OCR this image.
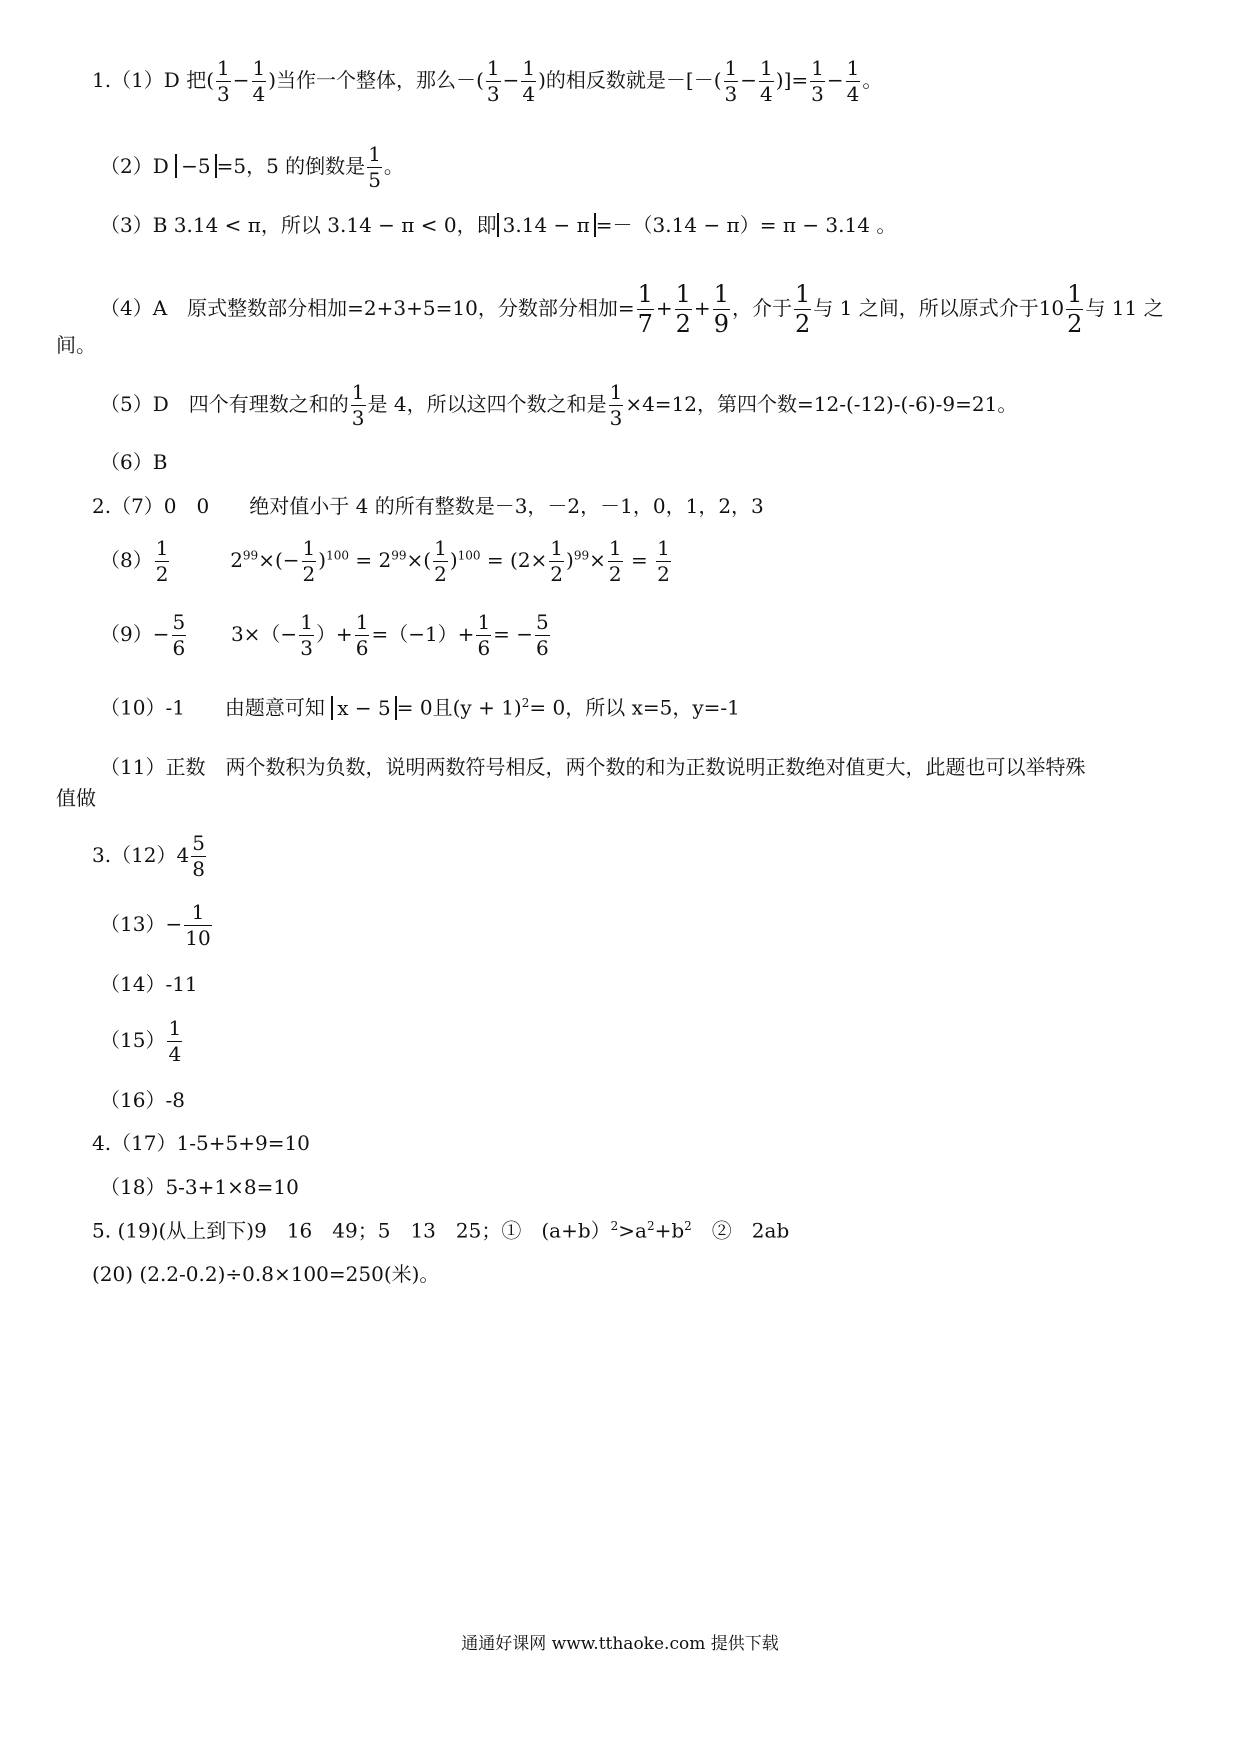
1.（1）D 把( $\frac{1}{3} - \frac{1}{4}$ )当作一个整体，那么－( $\frac{1}{3} - \frac{1}{4}$ )的相反数就是－[－( $\frac{1}{3} - \frac{1}{4}$ )]= $\frac{1}{3} - \frac{1}{4}$ 。
（2）D −5 =5，5 的倒数是 $\frac{1}{5}$ 。
（3）B 3.14 < π，所以 3.14 − π < 0，即 3.14 − π =－（3.14 − π）= π − 3.14 。
（4）A　 原式整数部分相加=2+3+5=10，分数部分相加= $\frac{1}{7} + \frac{1}{2} + \frac{1}{9}$ ，介于 $\frac{1}{2}$ 与 1 之间，所以原式介于$10 \frac{1}{2}$ 与 11 之
间。
（5）D　 四个有理数之和的 $\frac{1}{3}$ 是 4，所以这四个数之和是 $\frac{1}{3} \times 4=12$，第四个数=12-(-12)-(-6)-9=21。
（6）B
2.（7）0　0　　绝对值小于 4 的所有整数是－3，－2，－1，0，1，2，3
$(8) \frac{1}{2}$	$2^{99}\times(- \frac{1}{2} )^{100} = 2^{99}\times( \frac{1}{2} )^{100} = (2\times \frac{1}{2} )^{99}\times \frac{1}{2} = \frac{1}{2}$
$(9)- \frac{5}{6} 3\times(- \frac{1}{3}$ ）+ $\frac{1}{6} =(-1)+ \frac{1}{6}$ = − $\frac{5}{6}$
（10）-1　　由题意可知 x − 5 = 0且$(y + 1)^2= 0$，所以 x=5，y=-1
（11）正数　两个数积为负数，说明两数符号相反，两个数的和为正数说明正数绝对值更大，此题也可以举特殊
值做
$3.(12)4 \frac{5}{8}$
$(13)- \frac{1}{10}$
（14）-11
$(15) \frac{1}{4}$
（16）-8
4.（17）1-5+5+9=10
（18）5-3+1×8=10
5. (19)(从上到下)9　16　49；5　13　25；①　$(a+b)^2>a^2+b^2$　②　2ab
(20) (2.2-0.2)÷0.8×100=250(米)。
通通好课网 www.tthaoke.com 提供下载
